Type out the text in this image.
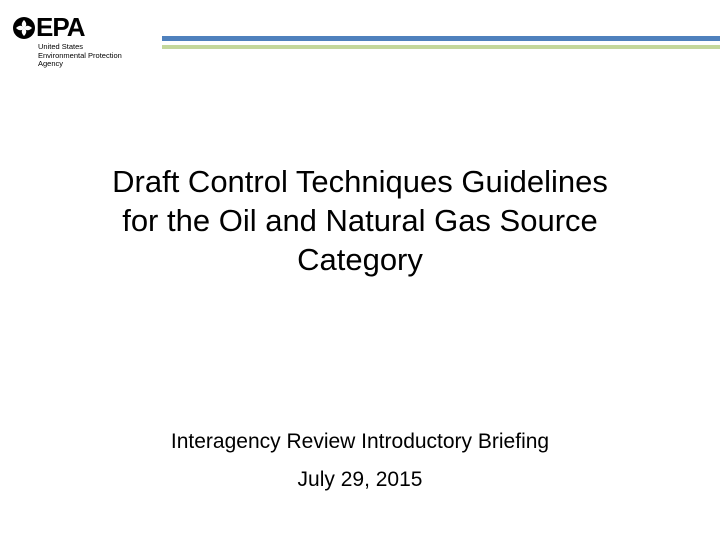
EPA
United States
Environmental Protection
Agency
Draft Control Techniques Guidelines
for the Oil and Natural Gas Source
Category
Interagency Review Introductory Briefing
July 29, 2015
